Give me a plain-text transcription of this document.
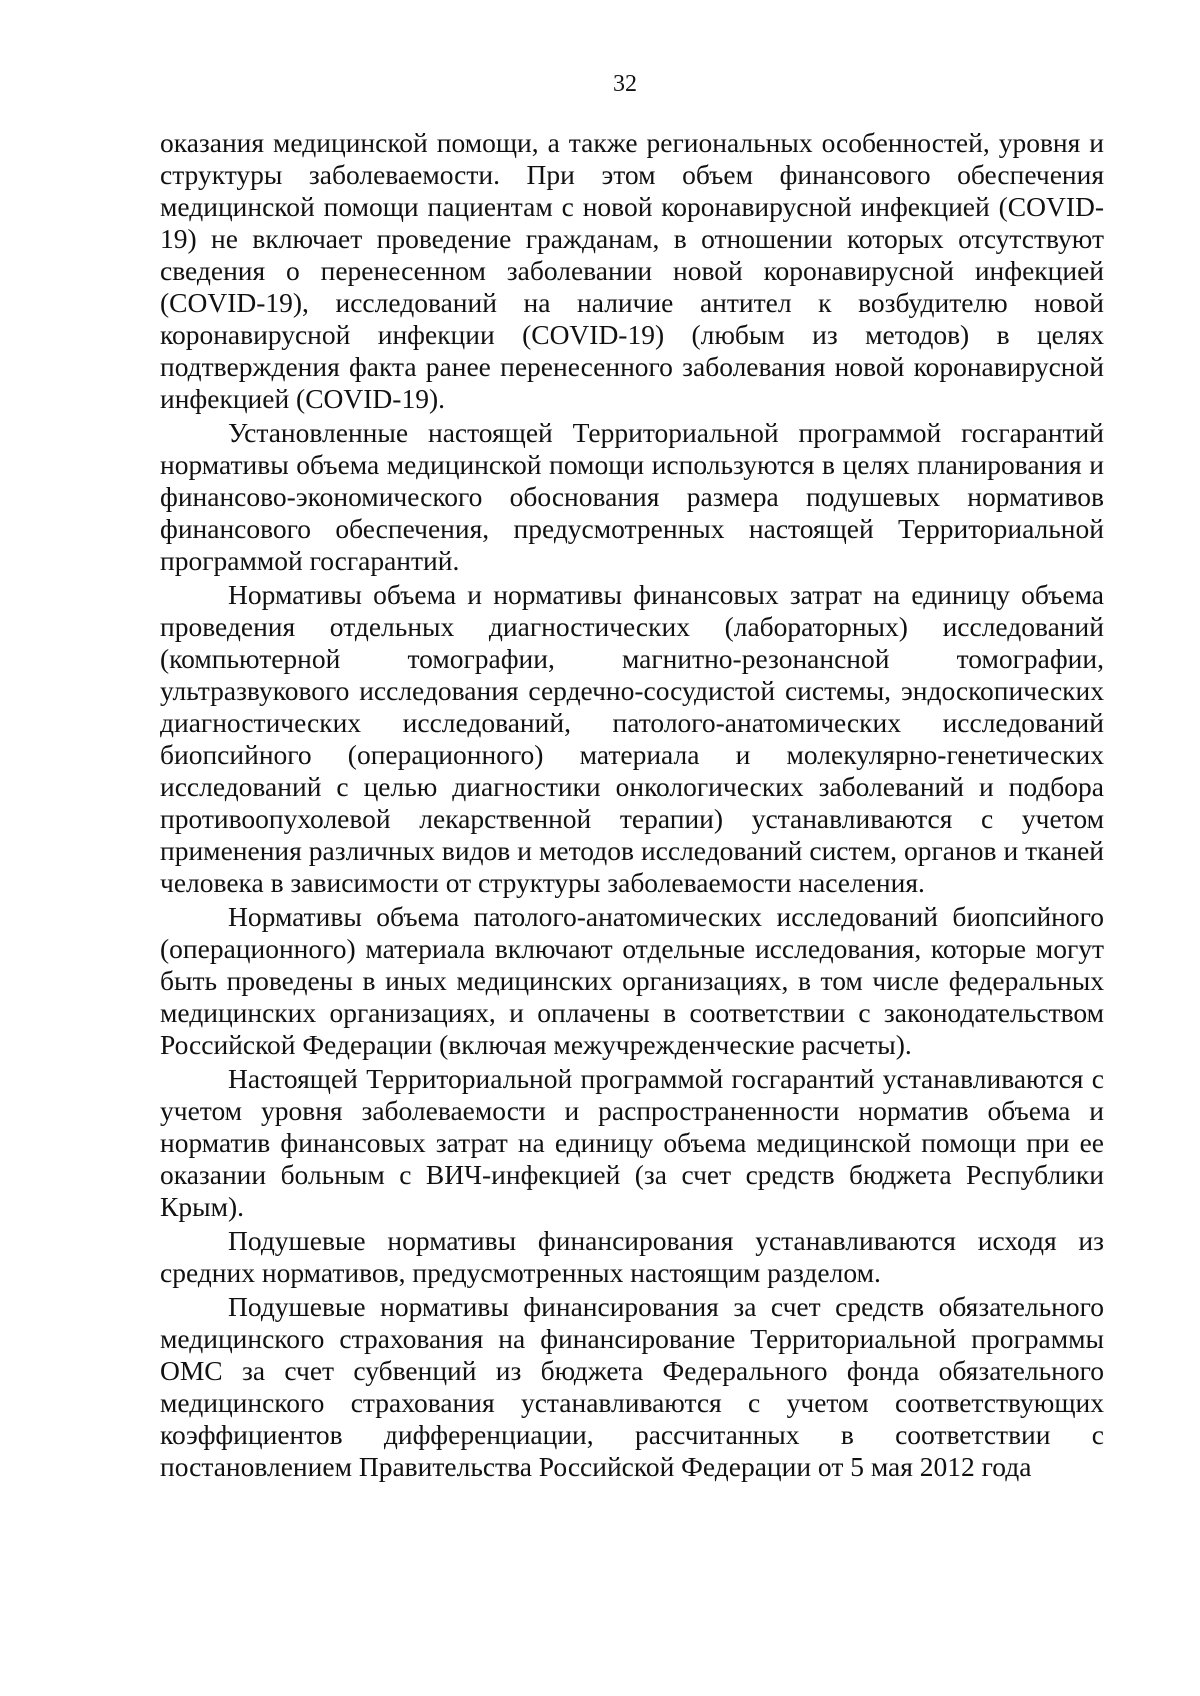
32

оказания медицинской помощи, а также региональных особенностей, уровня и структуры заболеваемости. При этом объем финансового обеспечения медицинской помощи пациентам с новой коронавирусной инфекцией (COVID-19) не включает проведение гражданам, в отношении которых отсутствуют сведения о перенесенном заболевании новой коронавирусной инфекцией (COVID-19), исследований на наличие антител к возбудителю новой коронавирусной инфекции (COVID-19) (любым из методов) в целях подтверждения факта ранее перенесенного заболевания новой коронавирусной инфекцией (COVID-19).

Установленные настоящей Территориальной программой госгарантий нормативы объема медицинской помощи используются в целях планирования и финансово-экономического обоснования размера подушевых нормативов финансового обеспечения, предусмотренных настоящей Территориальной программой госгарантий.

Нормативы объема и нормативы финансовых затрат на единицу объема проведения отдельных диагностических (лабораторных) исследований (компьютерной томографии, магнитно-резонансной томографии, ультразвукового исследования сердечно-сосудистой системы, эндоскопических диагностических исследований, патолого-анатомических исследований биопсийного (операционного) материала и молекулярно-генетических исследований с целью диагностики онкологических заболеваний и подбора противоопухолевой лекарственной терапии) устанавливаются с учетом применения различных видов и методов исследований систем, органов и тканей человека в зависимости от структуры заболеваемости населения.

Нормативы объема патолого-анатомических исследований биопсийного (операционного) материала включают отдельные исследования, которые могут быть проведены в иных медицинских организациях, в том числе федеральных медицинских организациях, и оплачены в соответствии с законодательством Российской Федерации (включая межучрежденческие расчеты).

Настоящей Территориальной программой госгарантий устанавливаются с учетом уровня заболеваемости и распространенности норматив объема и норматив финансовых затрат на единицу объема медицинской помощи при ее оказании больным с ВИЧ-инфекцией (за счет средств бюджета Республики Крым).

Подушевые нормативы финансирования устанавливаются исходя из средних нормативов, предусмотренных настоящим разделом.

Подушевые нормативы финансирования за счет средств обязательного медицинского страхования на финансирование Территориальной программы ОМС за счет субвенций из бюджета Федерального фонда обязательного медицинского страхования устанавливаются с учетом соответствующих коэффициентов дифференциации, рассчитанных в соответствии с постановлением Правительства Российской Федерации от 5 мая 2012 года
